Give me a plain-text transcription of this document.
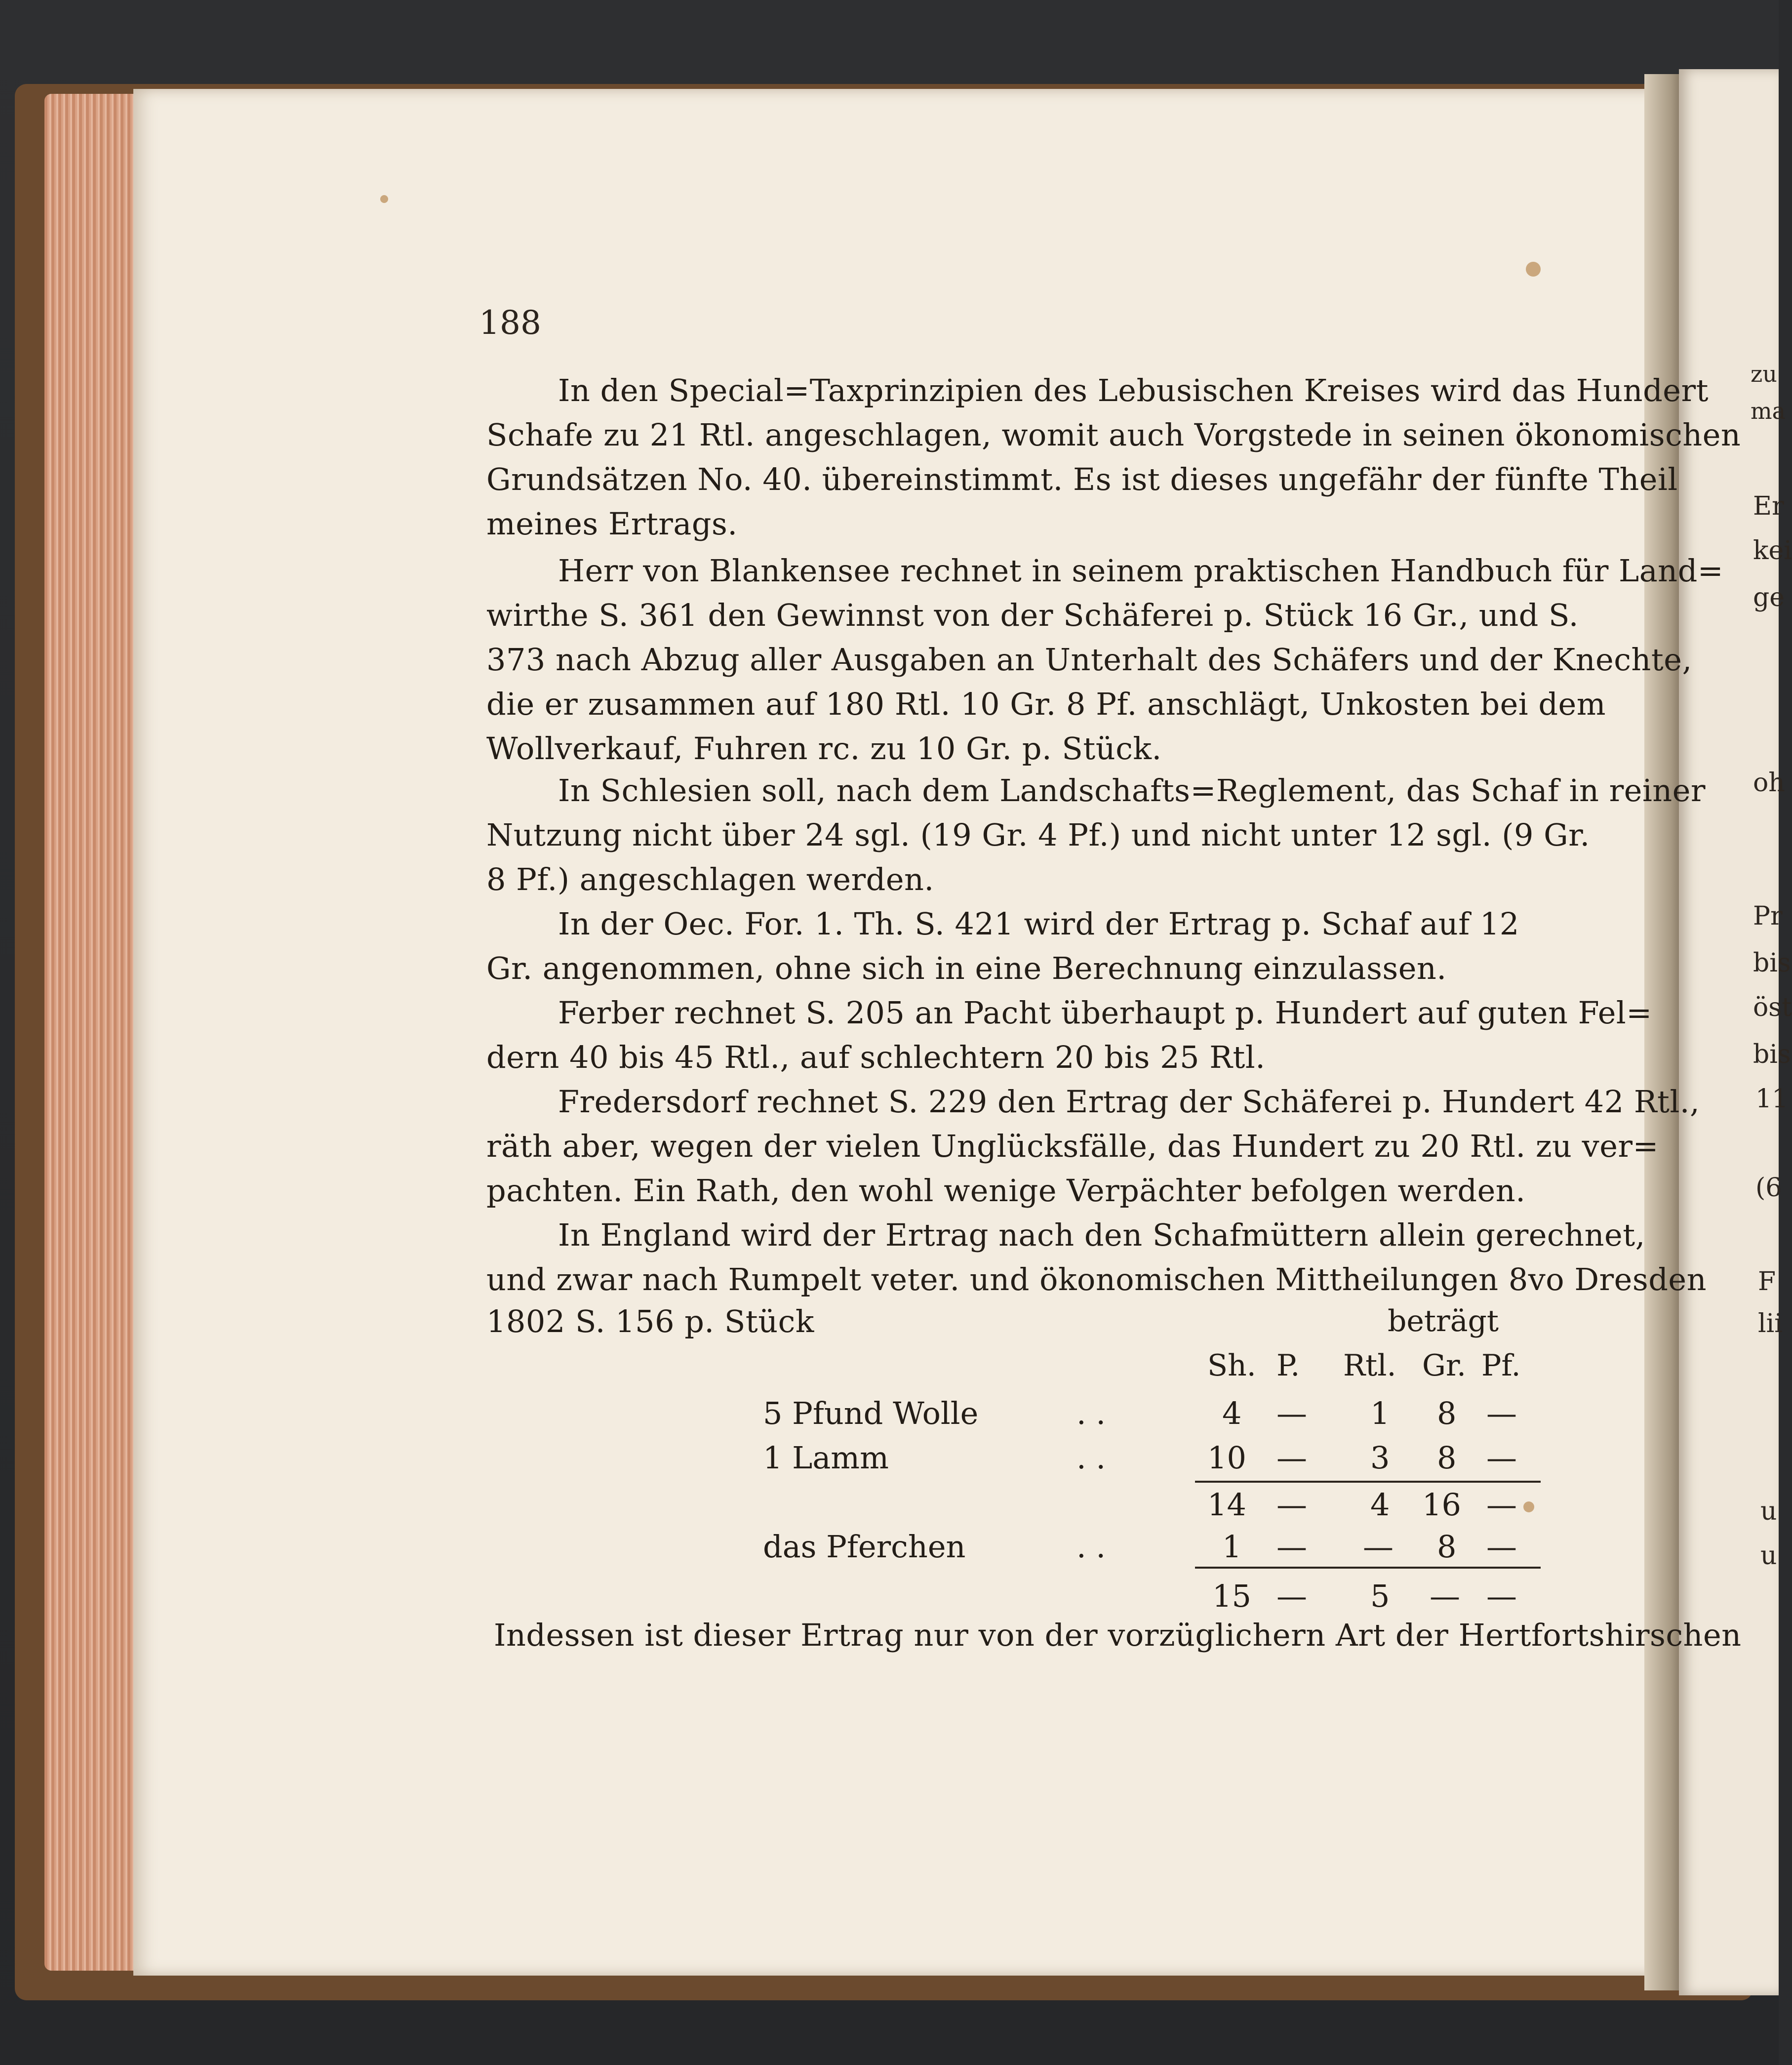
188
In den Special=Taxprinzipien des Lebusischen Kreises wird das Hundert
Schafe zu 21 Rtl. angeschlagen, womit auch Vorgstede in seinen ökonomischen
Grundsätzen No. 40. übereinstimmt. Es ist dieses ungefähr der fünfte Theil
meines Ertrags.
Herr von Blankensee rechnet in seinem praktischen Handbuch für Land=
wirthe S. 361 den Gewinnst von der Schäferei p. Stück 16 Gr., und S.
373 nach Abzug aller Ausgaben an Unterhalt des Schäfers und der Knechte,
die er zusammen auf 180 Rtl. 10 Gr. 8 Pf. anschlägt, Unkosten bei dem
Wollverkauf, Fuhren rc. zu 10 Gr. p. Stück.
In Schlesien soll, nach dem Landschafts=Reglement, das Schaf in reiner
Nutzung nicht über 24 sgl. (19 Gr. 4 Pf.) und nicht unter 12 sgl. (9 Gr.
8 Pf.) angeschlagen werden.
In der Oec. For. 1. Th. S. 421 wird der Ertrag p. Schaf auf 12
Gr. angenommen, ohne sich in eine Berechnung einzulassen.
Ferber rechnet S. 205 an Pacht überhaupt p. Hundert auf guten Fel=
dern 40 bis 45 Rtl., auf schlechtern 20 bis 25 Rtl.
Fredersdorf rechnet S. 229 den Ertrag der Schäferei p. Hundert 42 Rtl.,
räth aber, wegen der vielen Unglücksfälle, das Hundert zu 20 Rtl. zu ver=
pachten. Ein Rath, den wohl wenige Verpächter befolgen werden.
In England wird der Ertrag nach den Schafmüttern allein gerechnet,
und zwar nach Rumpelt veter. und ökonomischen Mittheilungen 8vo Dresden
1802 S. 156 p. Stück	beträgt
Sh. P. Rtl. Gr. Pf.
5 Pfund Wolle	. .	4 — 1 8 —
1 Lamm	. .	10 — 3 8 —
14 — 4 16 —
das Pferchen	. .	1 — — 8 —
15 — 5 — —
Indessen ist dieser Ertrag nur von der vorzüglichern Art der Hertfortshirschen
zu
ma
Er
kei
ge
oh
Pr
bis
öst
bis
11
(6
F
lii
u
u
